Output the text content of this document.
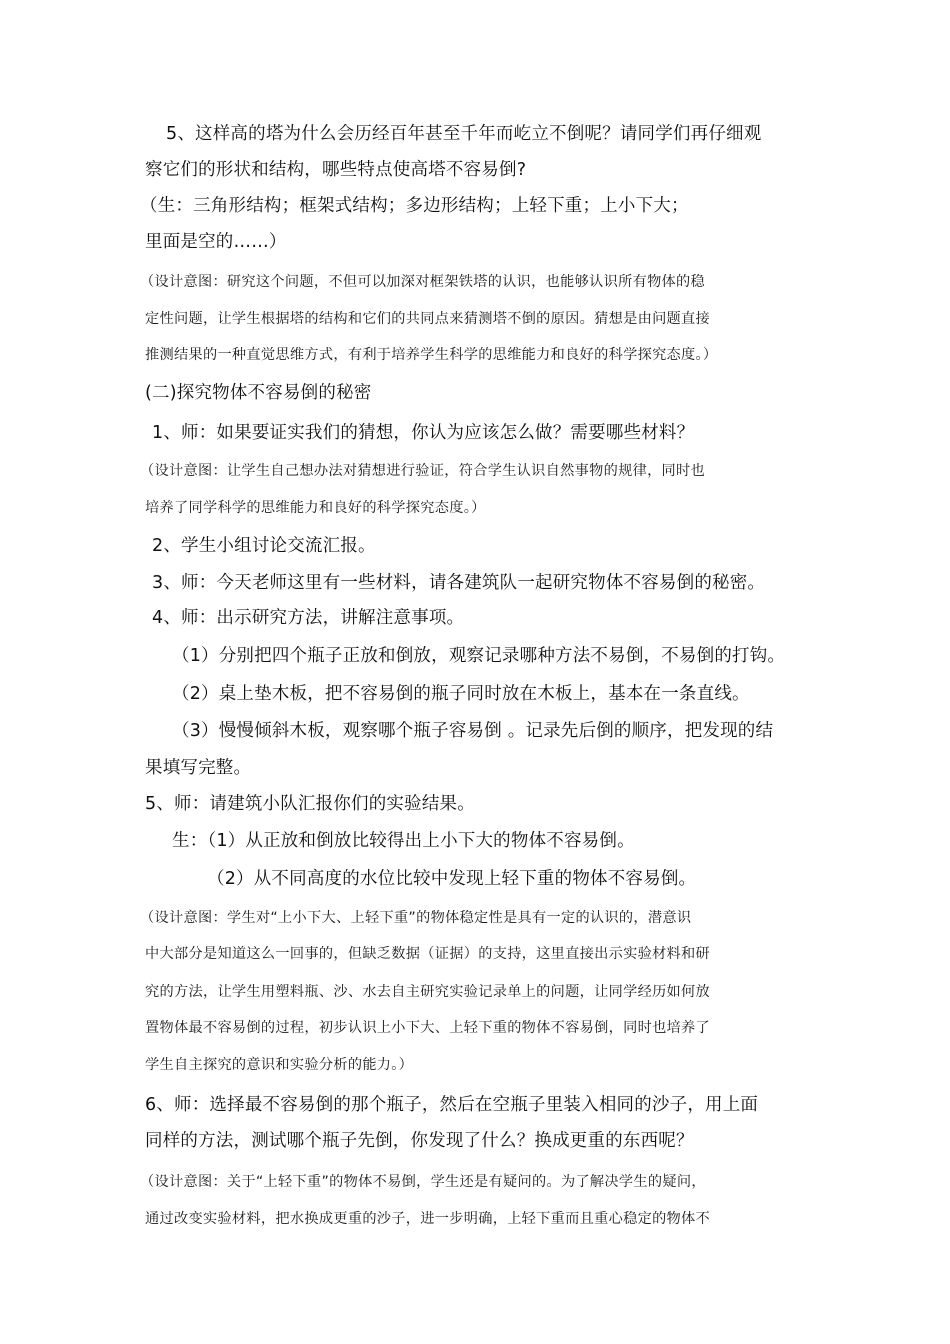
5、这样高的塔为什么会历经百年甚至千年而屹立不倒呢？请同学们再仔细观
察它们的形状和结构，哪些特点使高塔不容易倒?
（生：三角形结构；框架式结构；多边形结构；上轻下重；上小下大；
里面是空的……）
（设计意图：研究这个问题，不但可以加深对框架铁塔的认识，也能够认识所有物体的稳
定性问题，让学生根据塔的结构和它们的共同点来猜测塔不倒的原因。猜想是由问题直接
推测结果的一种直觉思维方式，有利于培养学生科学的思维能力和良好的科学探究态度。）
(二)探究物体不容易倒的秘密
1、师：如果要证实我们的猜想，你认为应该怎么做？需要哪些材料？
（设计意图：让学生自己想办法对猜想进行验证，符合学生认识自然事物的规律，同时也
培养了同学科学的思维能力和良好的科学探究态度。）
2、学生小组讨论交流汇报。
3、师：今天老师这里有一些材料，请各建筑队一起研究物体不容易倒的秘密。
4、师：出示研究方法，讲解注意事项。
（1）分别把四个瓶子正放和倒放，观察记录哪种方法不易倒，不易倒的打钩。
（2）桌上垫木板，把不容易倒的瓶子同时放在木板上，基本在一条直线。
（3）慢慢倾斜木板，观察哪个瓶子容易倒 。记录先后倒的顺序，把发现的结
果填写完整。
5、师：请建筑小队汇报你们的实验结果。
生：（1）从正放和倒放比较得出上小下大的物体不容易倒。
（2）从不同高度的水位比较中发现上轻下重的物体不容易倒。
（设计意图：学生对“上小下大、上轻下重”的物体稳定性是具有一定的认识的，潜意识
中大部分是知道这么一回事的，但缺乏数据（证据）的支持，这里直接出示实验材料和研
究的方法，让学生用塑料瓶、沙、水去自主研究实验记录单上的问题，让同学经历如何放
置物体最不容易倒的过程，初步认识上小下大、上轻下重的物体不容易倒，同时也培养了
学生自主探究的意识和实验分析的能力。）
6、师：选择最不容易倒的那个瓶子，然后在空瓶子里装入相同的沙子，用上面
同样的方法，测试哪个瓶子先倒，你发现了什么？换成更重的东西呢？
（设计意图：关于“上轻下重”的物体不易倒，学生还是有疑问的。为了解决学生的疑问，
通过改变实验材料，把水换成更重的沙子，进一步明确，上轻下重而且重心稳定的物体不
